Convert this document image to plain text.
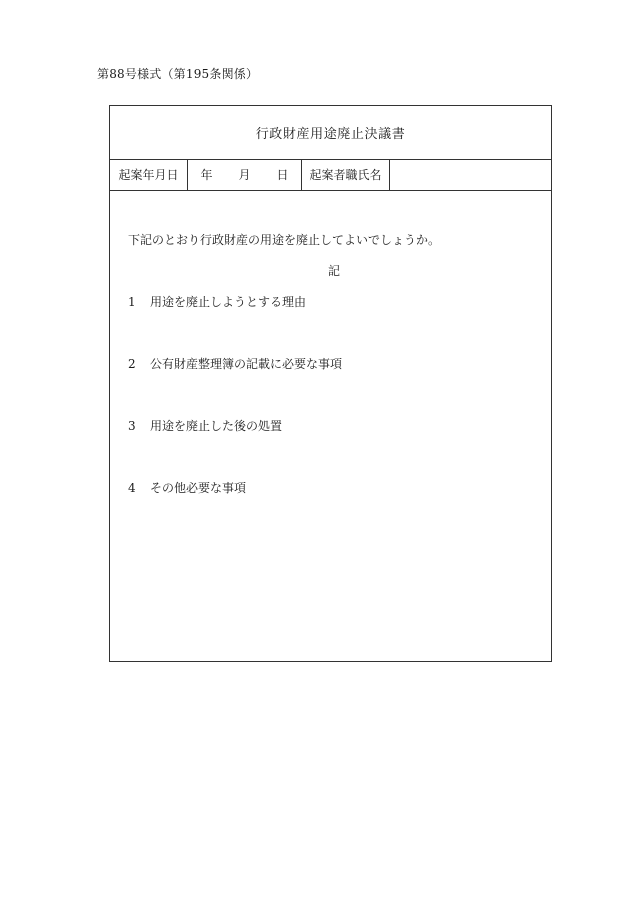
第88号様式（第195条関係）
行政財産用途廃止決議書
起案年月日	年 月 日	起案者職氏名
下記のとおり行政財産の用途を廃止してよいでしょうか。
記
1 用途を廃止しようとする理由
2 公有財産整理簿の記載に必要な事項
3 用途を廃止した後の処置
4 その他必要な事項
